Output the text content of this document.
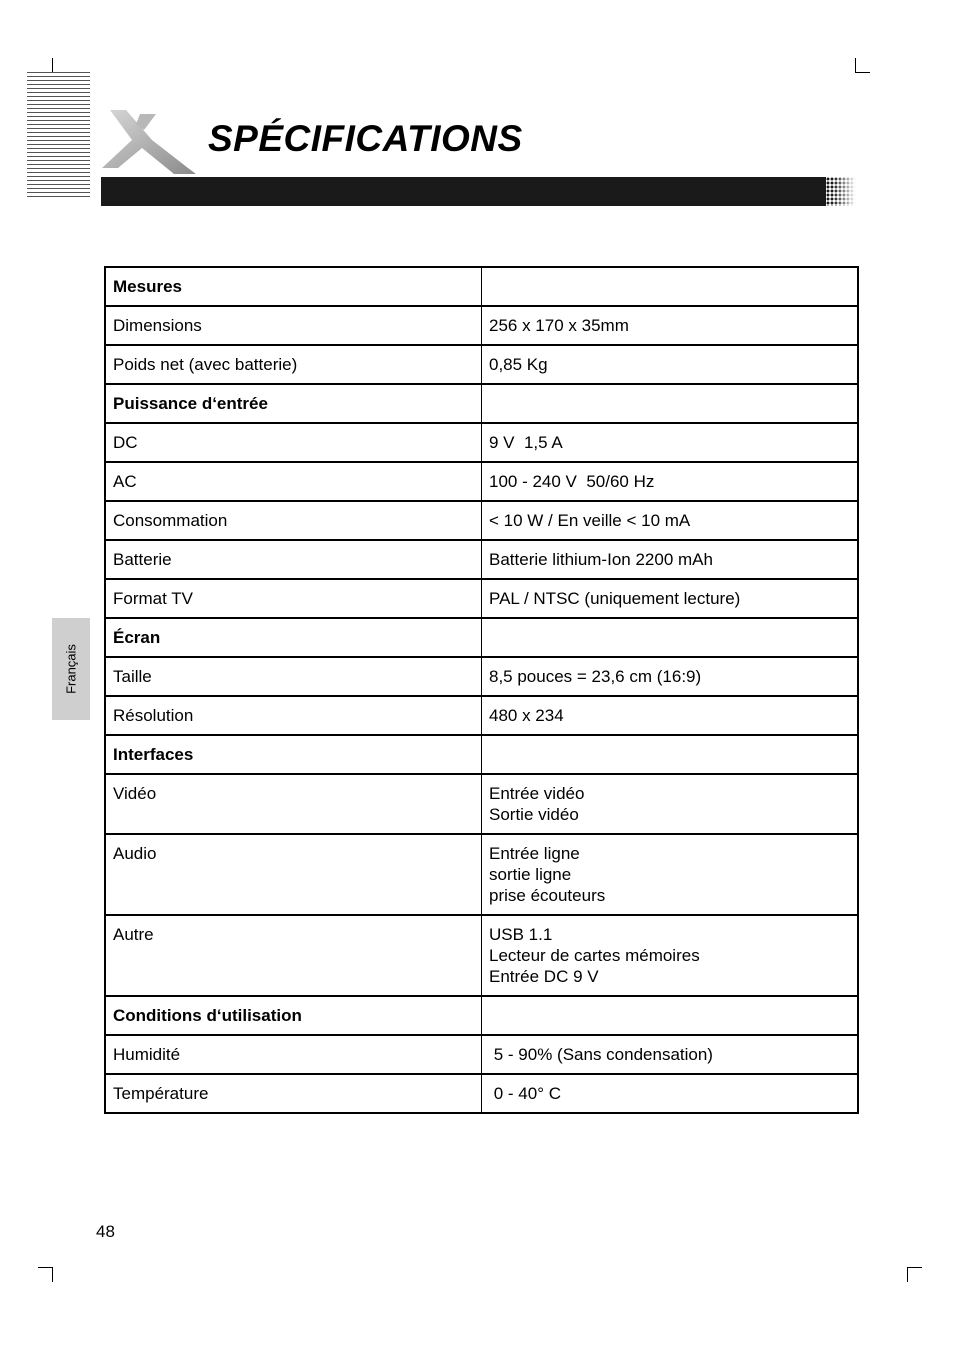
SPÉCIFICATIONS
Français
Mesures	
Dimensions	256 x 170 x 35mm

Poids net (avec batterie)	0,85 Kg

Puissance d‘entrée	
DC	9 V  1,5 A

AC	100 - 240 V  50/60 Hz

Consommation	< 10 W / En veille < 10 mA

Batterie	Batterie lithium-Ion 2200 mAh

Format TV	PAL / NTSC (uniquement lecture)

Écran	
Taille	8,5 pouces = 23,6 cm (16:9)

Résolution	480 x 234

Interfaces	
Vidéo	Entrée vidéo
Sortie vidéo

Audio	Entrée ligne
sortie ligne
prise écouteurs

Autre	USB 1.1
Lecteur de cartes mémoires
Entrée DC 9 V

Conditions d‘utilisation	
Humidité	5 - 90% (Sans condensation)

Température	0 - 40° C
48
